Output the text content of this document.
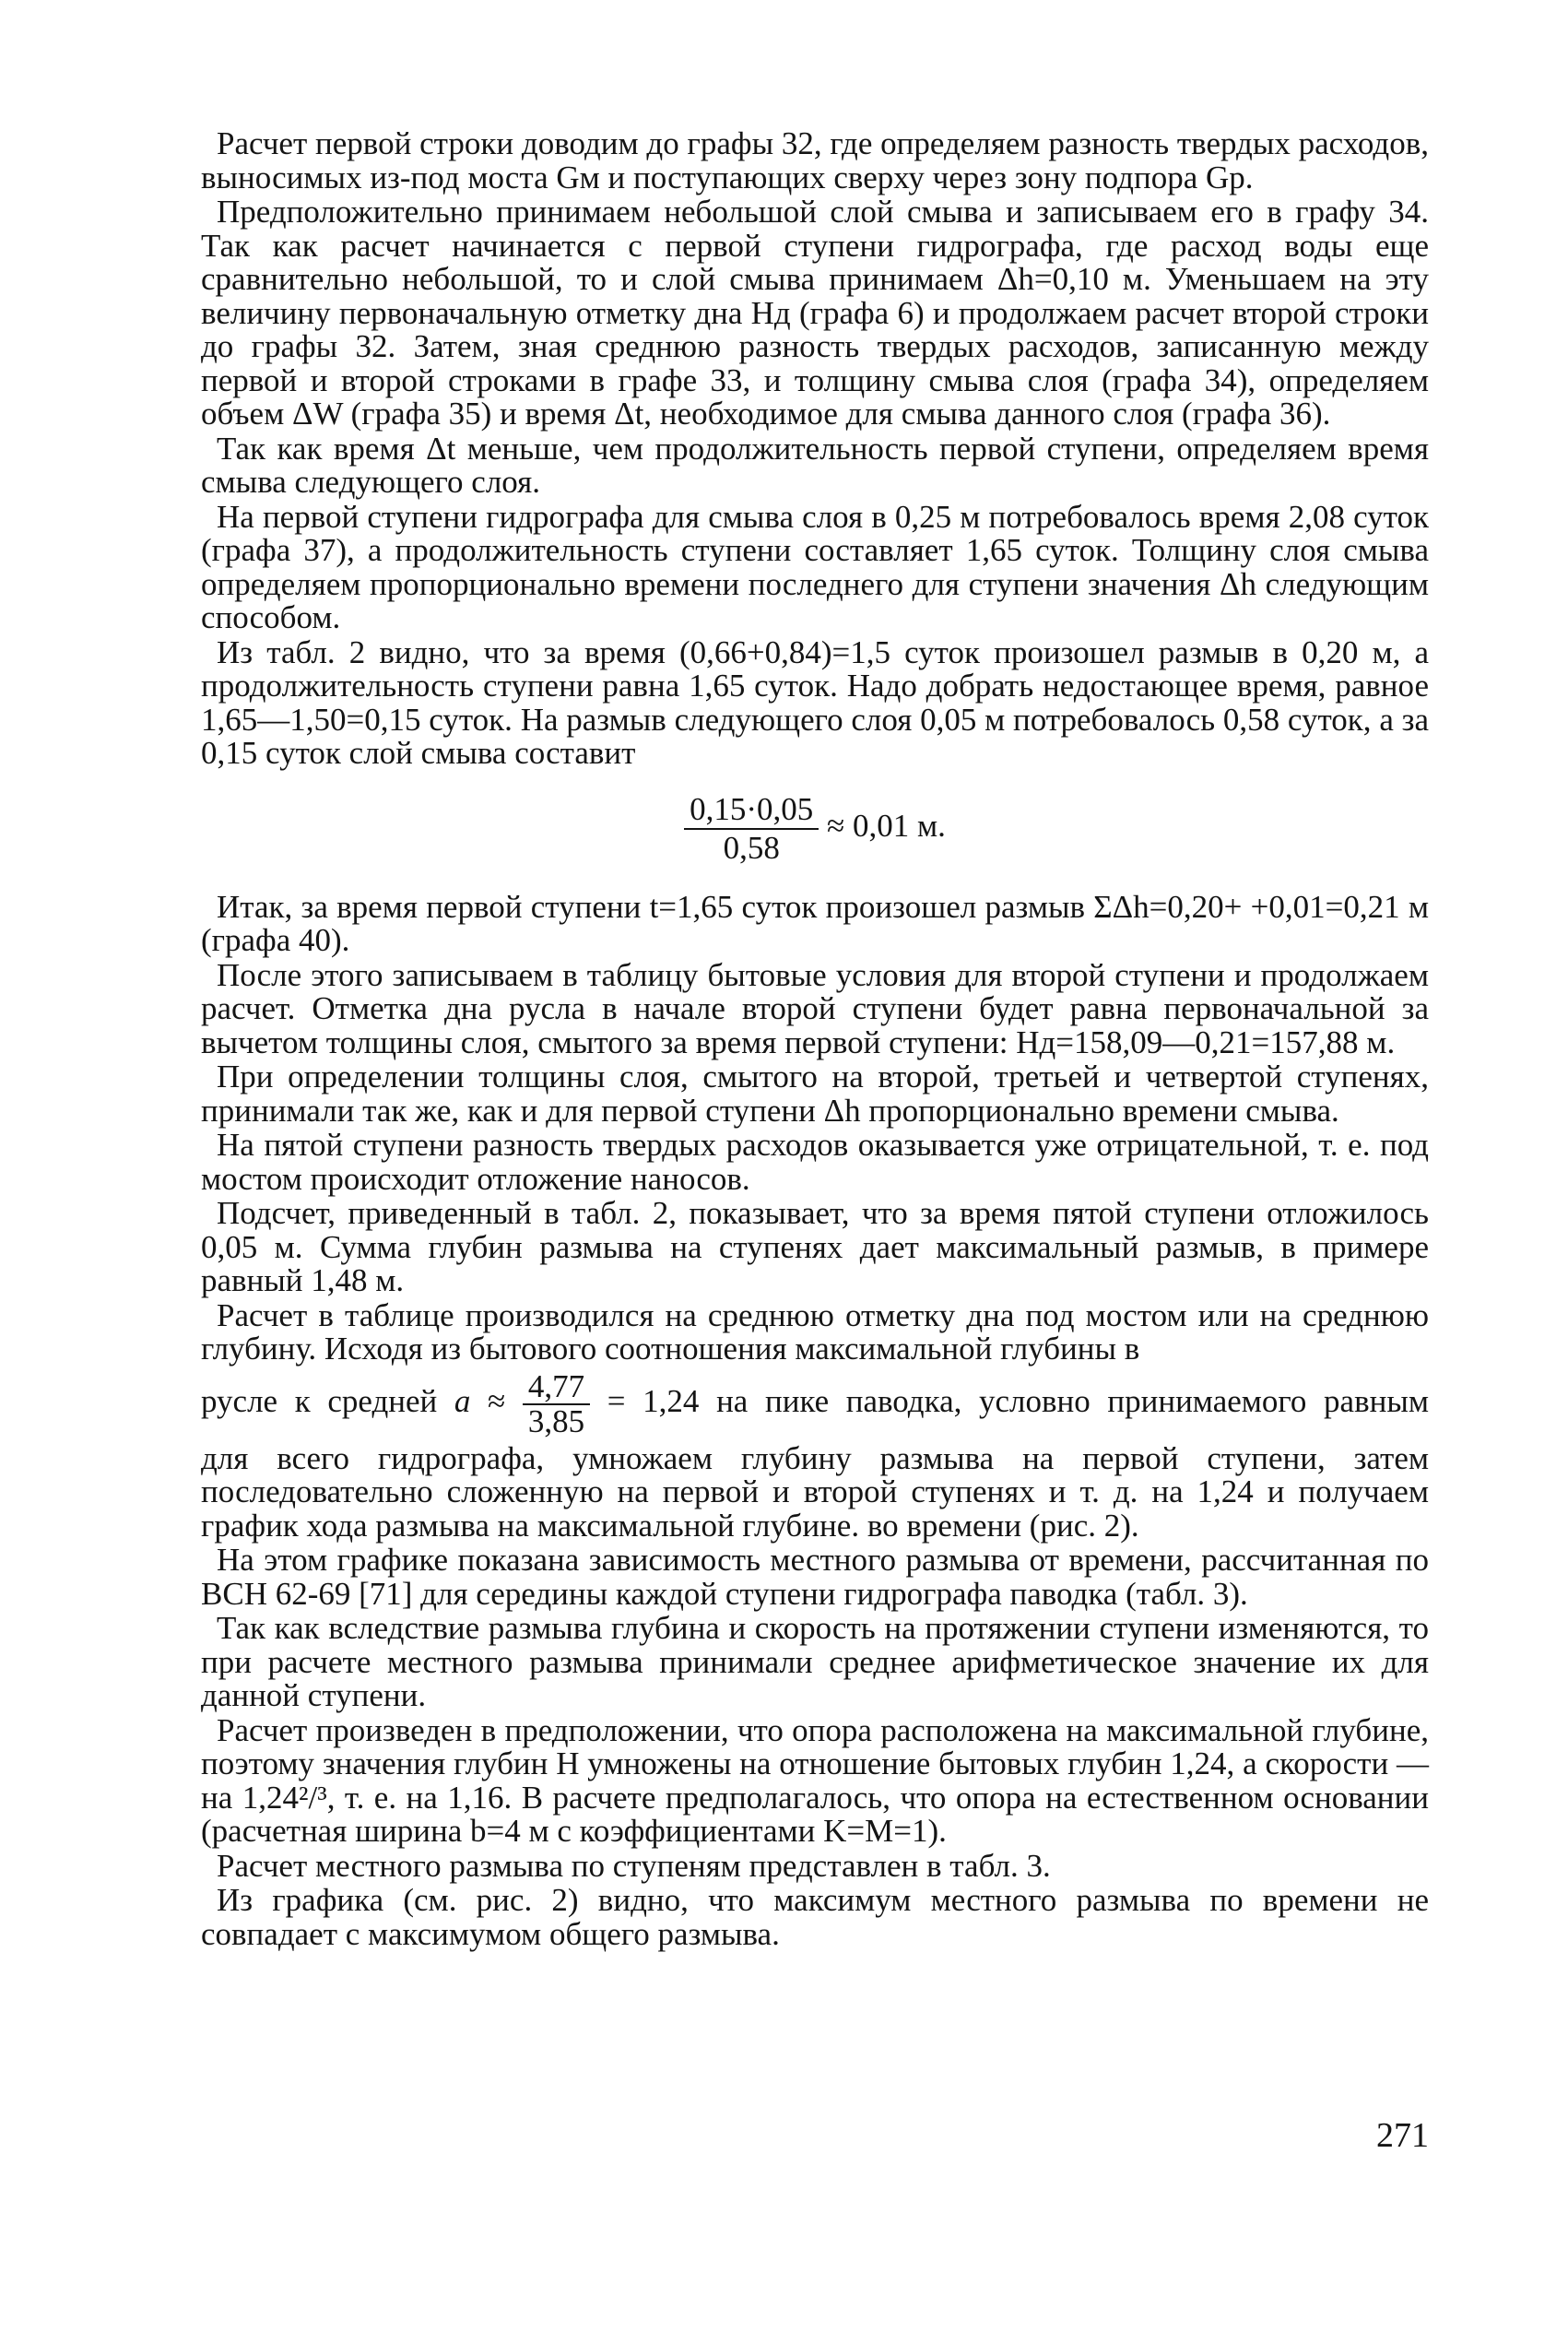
Расчет первой строки доводим до графы 32, где определяем разность твердых расходов, выносимых из-под моста Gм и поступающих сверху через зону подпора Gр.

Предположительно принимаем небольшой слой смыва и записываем его в графу 34. Так как расчет начинается с первой ступени гидрографа, где расход воды еще сравнительно небольшой, то и слой смыва принимаем Δh=0,10 м. Уменьшаем на эту величину первоначальную отметку дна Hд (графа 6) и продолжаем расчет второй строки до графы 32. Затем, зная среднюю разность твердых расходов, записанную между первой и второй строками в графе 33, и толщину смыва слоя (графа 34), определяем объем ΔW (графа 35) и время Δt, необходимое для смыва данного слоя (графа 36).

Так как время Δt меньше, чем продолжительность первой ступени, определяем время смыва следующего слоя.

На первой ступени гидрографа для смыва слоя в 0,25 м потребовалось время 2,08 суток (графа 37), а продолжительность ступени составляет 1,65 суток. Толщину слоя смыва определяем пропорционально времени последнего для ступени значения Δh следующим способом.

Из табл. 2 видно, что за время (0,66+0,84)=1,5 суток произошел размыв в 0,20 м, а продолжительность ступени равна 1,65 суток. Надо добрать недостающее время, равное 1,65—1,50=0,15 суток. На размыв следующего слоя 0,05 м потребовалось 0,58 суток, а за 0,15 суток слой смыва составит

$\frac{0,15\cdot 0,05}{0,58} \approx 0,01$ м.

Итак, за время первой ступени t=1,65 суток произошел размыв ΣΔh=0,20+ +0,01=0,21 м (графа 40).

После этого записываем в таблицу бытовые условия для второй ступени и продолжаем расчет. Отметка дна русла в начале второй ступени будет равна первоначальной за вычетом толщины слоя, смытого за время первой ступени: Hд=158,09—0,21=157,88 м.

При определении толщины слоя, смытого на второй, третьей и четвертой ступенях, принимали так же, как и для первой ступени Δh пропорционально времени смыва.

На пятой ступени разность твердых расходов оказывается уже отрицательной, т. е. под мостом происходит отложение наносов.

Подсчет, приведенный в табл. 2, показывает, что за время пятой ступени отложилось 0,05 м. Сумма глубин размыва на ступенях дает максимальный размыв, в примере равный 1,48 м.

Расчет в таблице производился на среднюю отметку дна под мостом или на среднюю глубину. Исходя из бытового соотношения максимальной глубины в

руслe к средней $a \approx \frac{4,77}{3,85} = 1,24$ на пике паводка, условно принимаемого равным

для всего гидрографа, умножаем глубину размыва на первой ступени, затем последовательно сложенную на первой и второй ступенях и т. д. на 1,24 и получаем график хода размыва на максимальной глубине. во времени (рис. 2).

На этом графике показана зависимость местного размыва от времени, рассчитанная по ВСН 62-69 [71] для середины каждой ступени гидрографа паводка (табл. 3).

Так как вследствие размыва глубина и скорость на протяжении ступени изменяются, то при расчете местного размыва принимали среднее арифметическое значение их для данной ступени.

Расчет произведен в предположении, что опора расположена на максимальной глубине, поэтому значения глубин H умножены на отношение бытовых глубин 1,24, а скорости — на 1,24²/³, т. е. на 1,16. В расчете предполагалось, что опора на естественном основании (расчетная ширина b=4 м с коэффициентами K=M=1).

Расчет местного размыва по ступеням представлен в табл. 3.

Из графика (см. рис. 2) видно, что максимум местного размыва по времени не совпадает с максимумом общего размыва.

271
